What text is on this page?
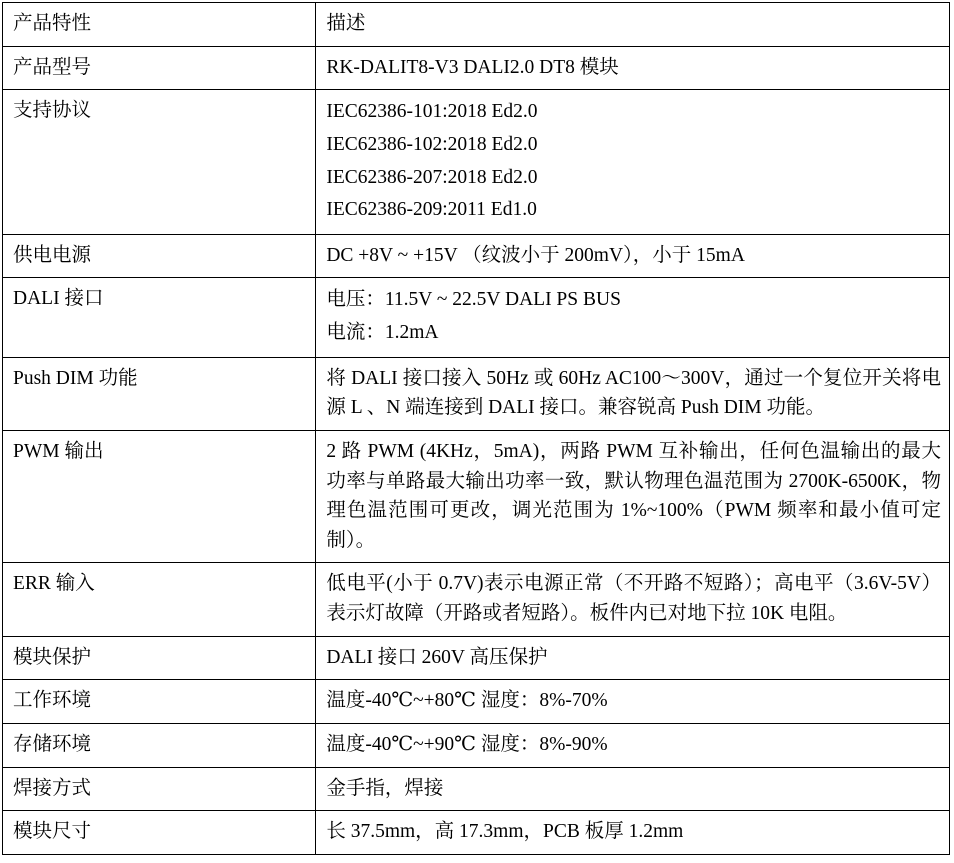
产品特性	描述
产品型号	RK-DALIT8-V3 DALI2.0 DT8 模块
支持协议	IEC62386-101:2018 Ed2.0
IEC62386-102:2018 Ed2.0
IEC62386-207:2018 Ed2.0
IEC62386-209:2011 Ed1.0

供电电源	DC +8V ~ +15V （纹波小于 200mV），小于 15mA
DALI 接口	电压：11.5V ~ 22.5V DALI PS BUS
电流：1.2mA

Push DIM 功能	将 DALI 接口接入 50Hz 或 60Hz AC100～300V，通过一个复位开关将电源 L 、N 端连接到 DALI 接口。兼容锐高 Push DIM 功能。
PWM 输出	2 路 PWM (4KHz，5mA)，两路 PWM 互补输出，任何色温输出的最大功率与单路最大输出功率一致，默认物理色温范围为 2700K-6500K，物理色温范围可更改，调光范围为 1%~100%（PWM 频率和最小值可定制）。
ERR 输入	低电平(小于 0.7V)表示电源正常（不开路不短路）；高电平（3.6V-5V）表示灯故障（开路或者短路）。板件内已对地下拉 10K 电阻。
模块保护	DALI 接口 260V 高压保护
工作环境	温度-40℃~+80℃ 湿度：8%-70%
存储环境	温度-40℃~+90℃ 湿度：8%-90%
焊接方式	金手指，焊接
模块尺寸	长 37.5mm，高 17.3mm，PCB 板厚 1.2mm
